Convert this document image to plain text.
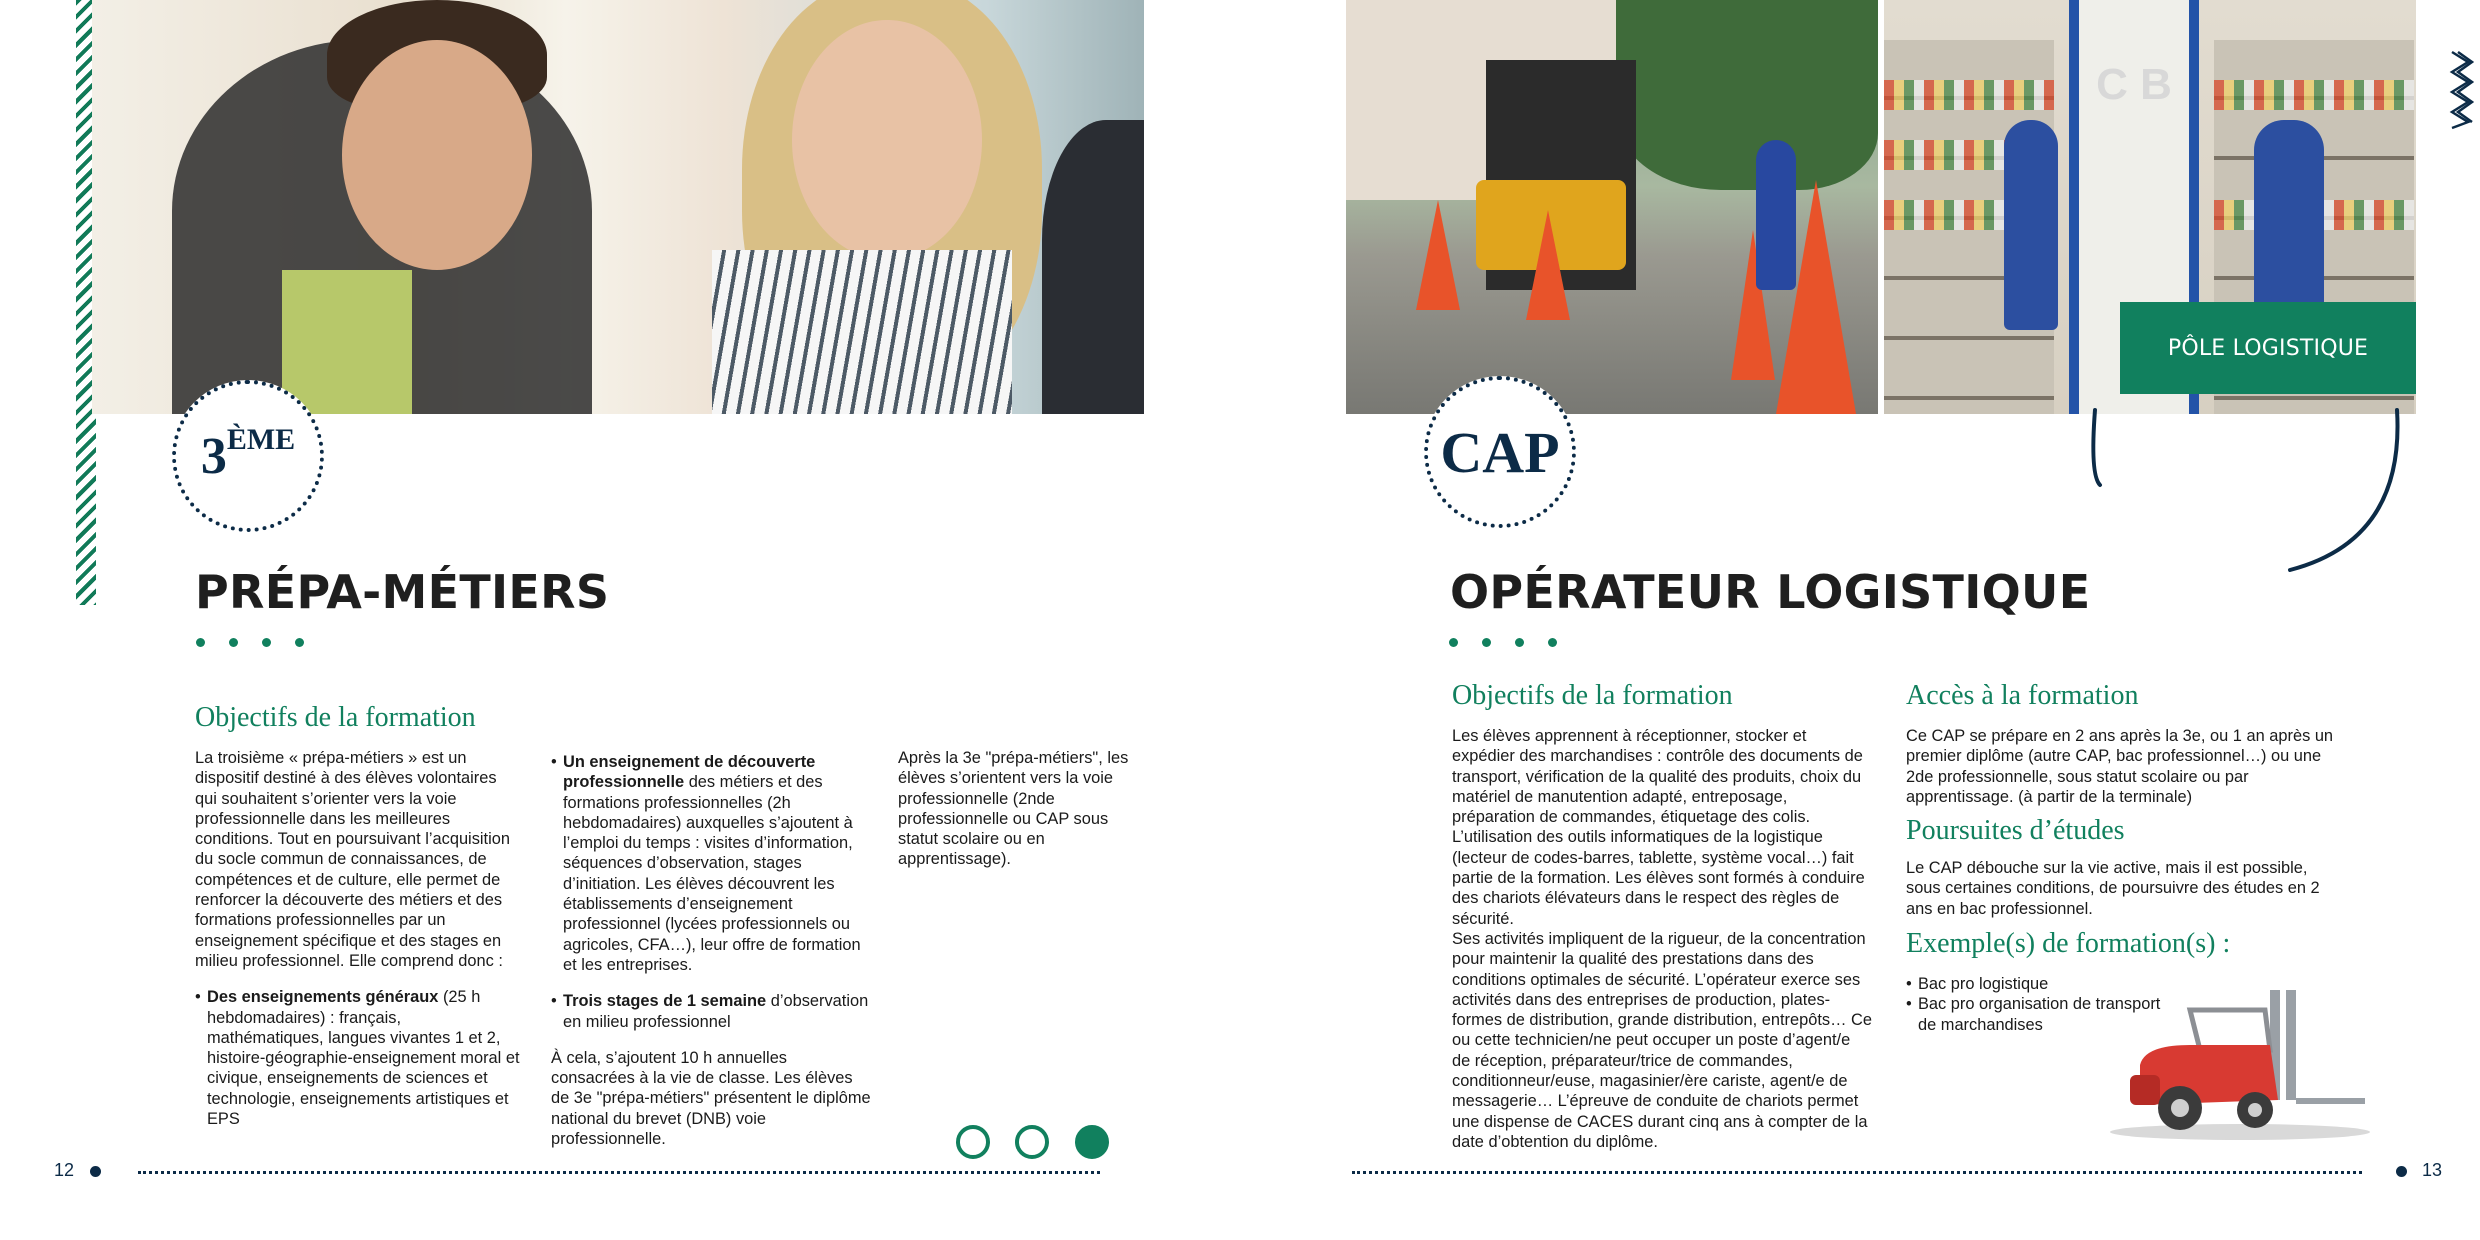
3 ÈME
PRÉPA-MÉTIERS
Objectifs de la formation

La troisième « prépa-métiers » est un dispositif destiné à des élèves volontaires qui souhaitent s’orienter vers la voie professionnelle dans les meilleures conditions. Tout en poursuivant l’acquisition du socle commun de connaissances, de compétences et de culture, elle permet de renforcer la découverte des métiers et des formations professionnelles par un enseignement spécifique et des stages en milieu professionnel. Elle comprend donc :

• Des enseignements généraux (25 h hebdomadaires) : français, mathématiques, langues vivantes 1 et 2, histoire-géographie-enseignement moral et civique, enseignements de sciences et technologie, enseignements artistiques et EPS
• Un enseignement de découverte professionnelle des métiers et des formations professionnelles (2h hebdomadaires) auxquelles s’ajoutent à l’emploi du temps : visites d’information, séquences d’observation, stages d’initiation. Les élèves découvrent les établissements d’enseignement professionnel (lycées professionnels ou agricoles, CFA…), leur offre de formation et les entreprises.
• Trois stages de 1 semaine d’observation en milieu professionnel

À cela, s’ajoutent 10 h annuelles consacrées à la vie de classe. Les élèves de 3e "prépa-métiers" présentent le diplôme national du brevet (DNB) voie professionnelle.

Après la 3e "prépa-métiers", les élèves s’orientent vers la voie professionnelle (2nde professionnelle ou CAP sous statut scolaire ou en apprentissage).

12
C B
PÔLE LOGISTIQUE
CAP
OPÉRATEUR LOGISTIQUE
Objectifs de la formation

Les élèves apprennent à réceptionner, stocker et expédier des marchandises : contrôle des documents de transport, vérification de la qualité des produits, choix du matériel de manutention adapté, entreposage, préparation de commandes, étiquetage des colis. L’utilisation des outils informatiques de la logistique (lecteur de codes-barres, tablette, système vocal…) fait partie de la formation. Les élèves sont formés à conduire des chariots élévateurs dans le respect des règles de sécurité.

Ses activités impliquent de la rigueur, de la concentration pour maintenir la qualité des prestations dans des conditions optimales de sécurité. L’opérateur exerce ses activités dans des entreprises de production, plates-formes de distribution, grande distribution, entrepôts… Ce ou cette technicien/ne peut occuper un poste d’agent/e de réception, préparateur/trice de commandes, conditionneur/euse, magasinier/ère cariste, agent/e de messagerie… L’épreuve de conduite de chariots permet une dispense de CACES durant cinq ans à compter de la date d’obtention du diplôme.

Accès à la formation

Ce CAP se prépare en 2 ans après la 3e, ou 1 an après un premier diplôme (autre CAP, bac professionnel…) ou une 2de professionnelle, sous statut scolaire ou par apprentissage. (à partir de la terminale)

Poursuites d’études

Le CAP débouche sur la vie active, mais il est possible, sous certaines conditions, de poursuivre des études en 2 ans en bac professionnel.

Exemple(s) de formation(s) :
• Bac pro logistique
• Bac pro organisation de transport de marchandises
13
